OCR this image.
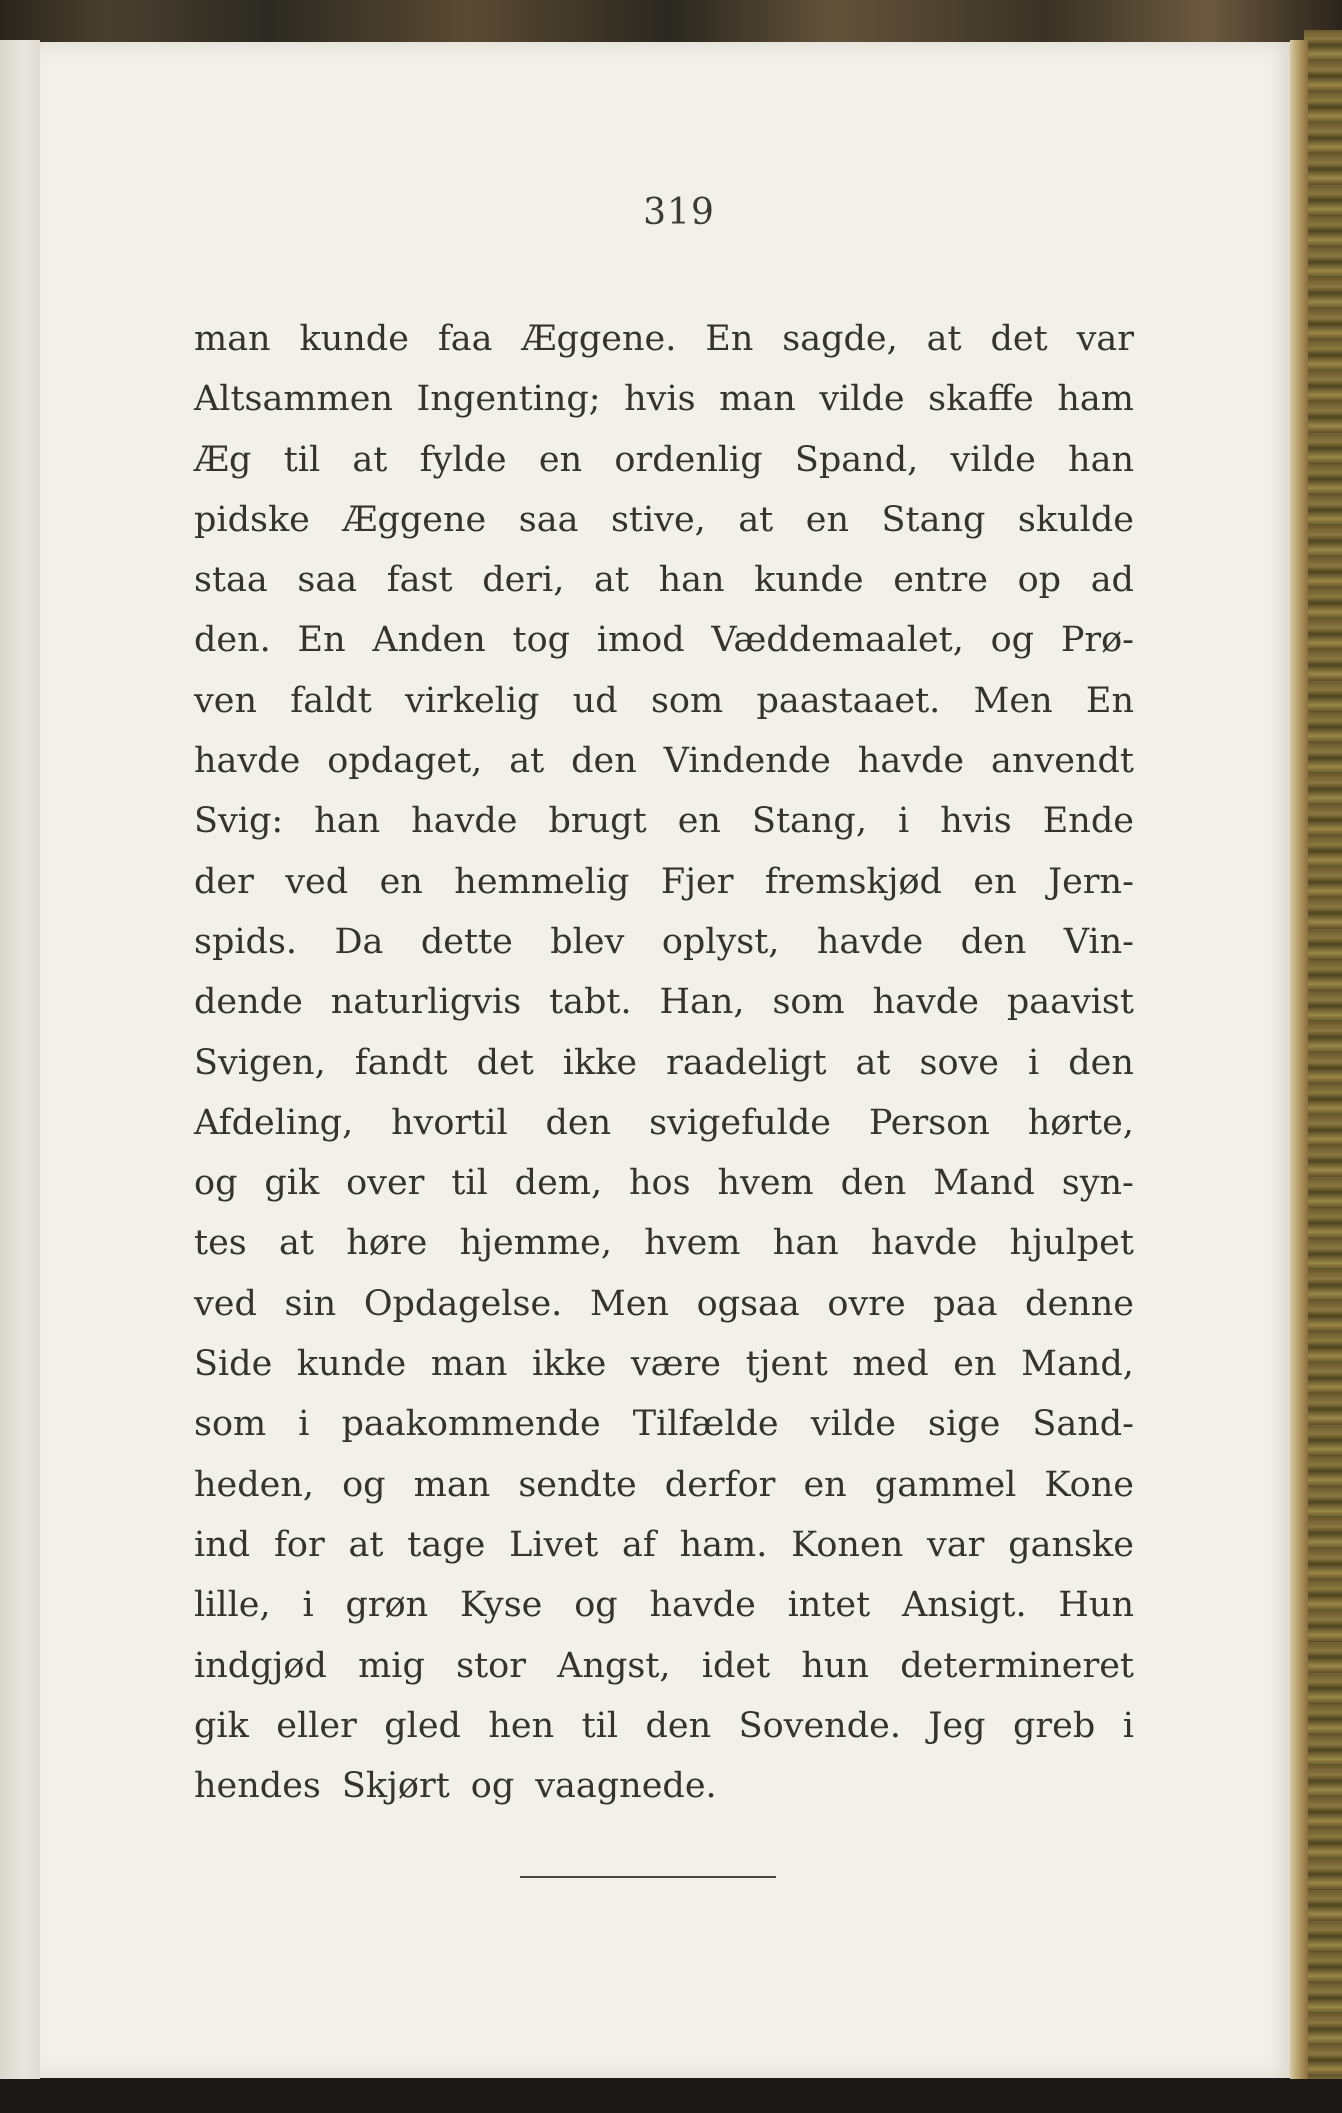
319
man kunde faa Æggene. En sagde, at det var
Altsammen Ingenting; hvis man vilde skaffe ham
Æg til at fylde en ordenlig Spand, vilde han
pidske Æggene saa stive, at en Stang skulde
staa saa fast deri, at han kunde entre op ad
den. En Anden tog imod Væddemaalet, og Prø-
ven faldt virkelig ud som paastaaet. Men En
havde opdaget, at den Vindende havde anvendt
Svig: han havde brugt en Stang, i hvis Ende
der ved en hemmelig Fjer fremskjød en Jern-
spids. Da dette blev oplyst, havde den Vin-
dende naturligvis tabt. Han, som havde paavist
Svigen, fandt det ikke raadeligt at sove i den
Afdeling, hvortil den svigefulde Person hørte,
og gik over til dem, hos hvem den Mand syn-
tes at høre hjemme, hvem han havde hjulpet
ved sin Opdagelse. Men ogsaa ovre paa denne
Side kunde man ikke være tjent med en Mand,
som i paakommende Tilfælde vilde sige Sand-
heden, og man sendte derfor en gammel Kone
ind for at tage Livet af ham. Konen var ganske
lille, i grøn Kyse og havde intet Ansigt. Hun
indgjød mig stor Angst, idet hun determineret
gik eller gled hen til den Sovende. Jeg greb i
hendes Skjørt og vaagnede.
